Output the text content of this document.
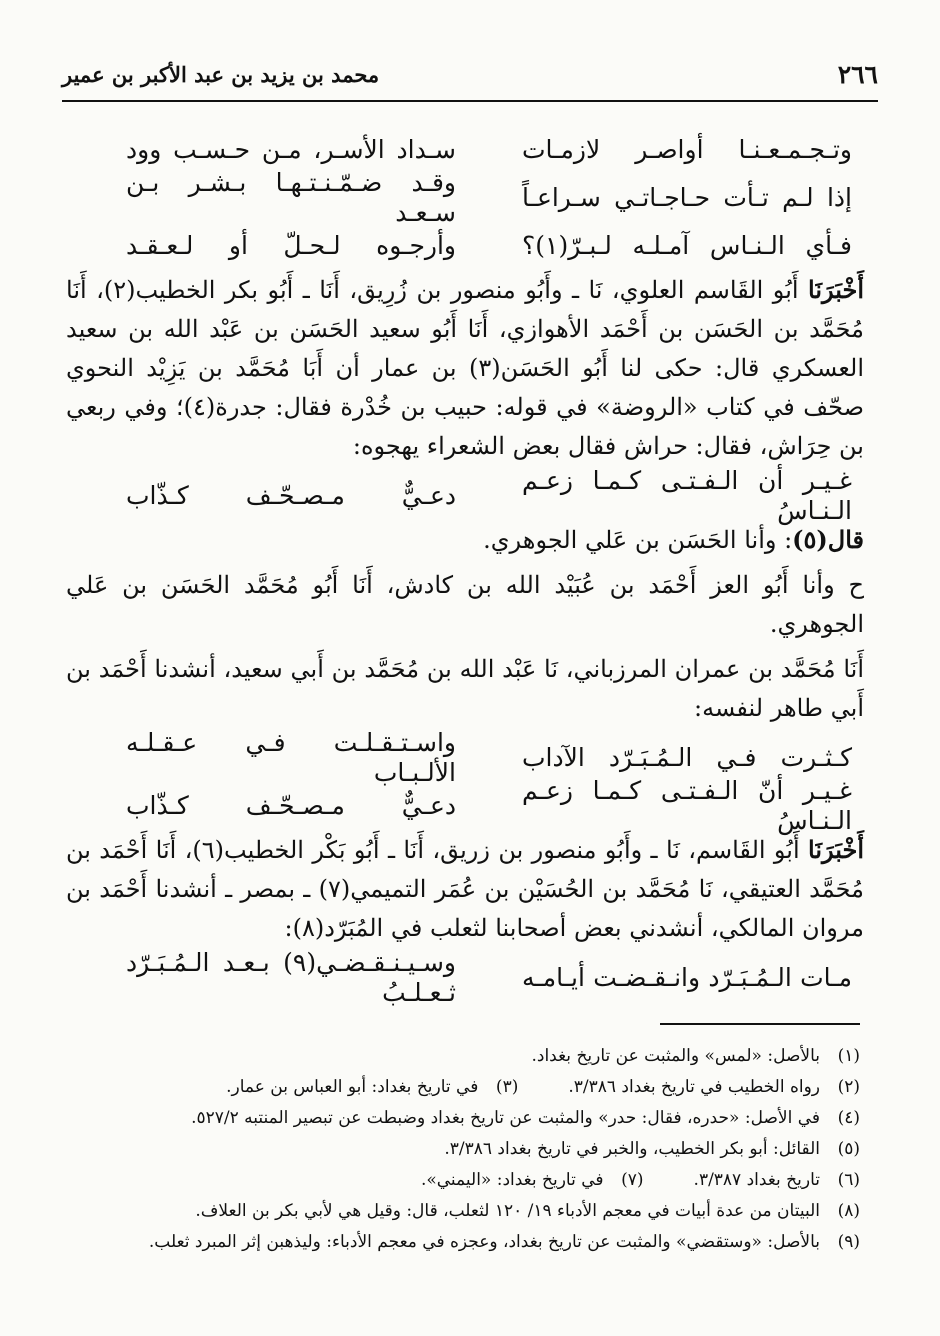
٢٦٦
محمد بن يزيد بن عبد الأكبر بن عمير
وتـجـمـعـنـا أواصـر لازمـات
سـداد الأسـر، مـن حـسـب وود
إذا لـم تـأت حـاجـاتـي سـراعـاً
وقـد ضـمّـنـتـهـا بـشـر بـن سـعـد
فـأي الـنـاس آمـلـه لـبـرّ(١)؟
وأرجـوه لـحـلّ أو لـعـقـد

أَخْبَرَنَا أَبُو القَاسم العلوي، نَا ـ وأَبُو منصور بن زُرِيق، أَنَا ـ أَبُو بكر الخطيب(٢)، أَنَا مُحَمَّد بن الحَسَن بن أَحْمَد الأهوازي، أَنَا أَبُو سعيد الحَسَن بن عَبْد الله بن سعيد العسكري قال: حكى لنا أَبُو الحَسَن(٣) بن عمار أن أَبَا مُحَمَّد بن يَزِيْد النحوي صحّف في كتاب «الروضة» في قوله: حبيب بن خُدْرة فقال: جدرة(٤)؛ وفي ربعي بن حِرَاش، فقال: حراش فقال بعض الشعراء يهجوه:

غـيـر أن الـفـتـى كـمـا زعـم الـنـاسُ
دعـيٌّ مـصـحّـف كـذّاب

قال(٥): وأنا الحَسَن بن عَلي الجوهري.

ح وأنا أَبُو العز أَحْمَد بن عُبَيْد الله بن كادش، أَنَا أَبُو مُحَمَّد الحَسَن بن عَلي الجوهري.

أَنَا مُحَمَّد بن عمران المرزباني، نَا عَبْد الله بن مُحَمَّد بن أَبي سعيد، أنشدنا أَحْمَد بن أَبي طاهر لنفسه:

كـثـرت فـي الـمُـبَـرّد الآداب
واسـتـقـلـت فـي عـقـلـه الألـبـاب
غـيـر أنّ الـفـتـى كـمـا زعـم الـنـاسُ
دعـيٌّ مـصـحّـف كـذّاب

أَخْبَرَنَا أَبُو القَاسم، نَا ـ وأَبُو منصور بن زريق، أَنَا ـ أَبُو بَكْر الخطيب(٦)، أَنَا أَحْمَد بن مُحَمَّد العتيقي، نَا مُحَمَّد بن الحُسَيْن بن عُمَر التميمي(٧) ـ بمصر ـ أنشدنا أَحْمَد بن مروان المالكي، أنشدني بعض أصحابنا لثعلب في المُبَرّد(٨):

مـات الـمُـبَـرّد وانـقـضـت أيـامـه
وسـيـنـقـضـي(٩) بـعـد الـمُـبَـرّد ثـعـلـبُ
(١)
بالأصل: «لمس» والمثبت عن تاريخ بغداد.
(٢)
رواه الخطيب في تاريخ بغداد ٣/٣٨٦.
(٣)
في تاريخ بغداد: أبو العباس بن عمار.
(٤)
في الأصل: «حدره، فقال: حدر» والمثبت عن تاريخ بغداد وضبطت عن تبصير المنتبه ٥٢٧/٢.
(٥)
القائل: أبو بكر الخطيب، والخبر في تاريخ بغداد ٣/٣٨٦.
(٦)
تاريخ بغداد ٣/٣٨٧.
(٧)
في تاريخ بغداد: «اليمني».
(٨)
البيتان من عدة أبيات في معجم الأدباء ١٩/ ١٢٠ لثعلب، قال: وقيل هي لأبي بكر بن العلاف.
(٩)
بالأصل: «وستقضي» والمثبت عن تاريخ بغداد، وعجزه في معجم الأدباء: وليذهبن إثر المبرد ثعلب.
